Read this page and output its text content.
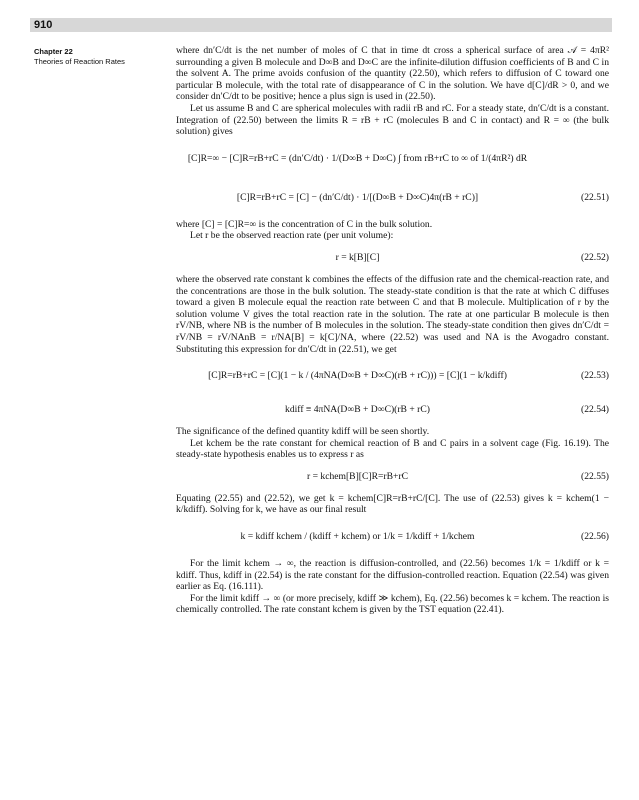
910
Chapter 22
Theories of Reaction Rates

where dn′C/dt is the net number of moles of C that in time dt cross a spherical surface of area 𝒜 = 4πR² surrounding a given B molecule and D∞B and D∞C are the infinite-dilution diffusion coefficients of B and C in the solvent A. The prime avoids confusion of the quantity (22.50), which refers to diffusion of C toward one particular B molecule, with the total rate of disappearance of C in the solution. We have d[C]/dR > 0, and we consider dn′C/dt to be positive; hence a plus sign is used in (22.50).

Let us assume B and C are spherical molecules with radii rB and rC. For a steady state, dn′C/dt is a constant. Integration of (22.50) between the limits R = rB + rC (molecules B and C in contact) and R = ∞ (the bulk solution) gives

[C]R=∞ − [C]R=rB+rC = (dn′C/dt) · 1/(D∞B + D∞C) ∫ from rB+rC to ∞ of 1/(4πR²) dR
[C]R=rB+rC = [C] − (dn′C/dt) · 1/[(D∞B + D∞C)4π(rB + rC)]	(22.51)

where [C] = [C]R=∞ is the concentration of C in the bulk solution.

Let r be the observed reaction rate (per unit volume):

r = k[B][C]	(22.52)

where the observed rate constant k combines the effects of the diffusion rate and the chemical-reaction rate, and the concentrations are those in the bulk solution. The steady-state condition is that the rate at which C diffuses toward a given B molecule equal the reaction rate between C and that B molecule. Multiplication of r by the solution volume V gives the total reaction rate in the solution. The rate at one particular B molecule is then rV/NB, where NB is the number of B molecules in the solution. The steady-state condition then gives dn′C/dt = rV/NB = rV/NAnB = r/NA[B] = k[C]/NA, where (22.52) was used and NA is the Avogadro constant. Substituting this expression for dn′C/dt in (22.51), we get

[C]R=rB+rC = [C](1 − k / (4πNA(D∞B + D∞C)(rB + rC))) = [C](1 − k/kdiff)	(22.53)
kdiff ≡ 4πNA(D∞B + D∞C)(rB + rC)	(22.54)

The significance of the defined quantity kdiff will be seen shortly.

Let kchem be the rate constant for chemical reaction of B and C pairs in a solvent cage (Fig. 16.19). The steady-state hypothesis enables us to express r as

r = kchem[B][C]R=rB+rC	(22.55)

Equating (22.55) and (22.52), we get k = kchem[C]R=rB+rC/[C]. The use of (22.53) gives k = kchem(1 − k/kdiff). Solving for k, we have as our final result

k = kdiff kchem / (kdiff + kchem) or 1/k = 1/kdiff + 1/kchem	(22.56)

For the limit kchem → ∞, the reaction is diffusion-controlled, and (22.56) becomes 1/k = 1/kdiff or k = kdiff. Thus, kdiff in (22.54) is the rate constant for the diffusion-controlled reaction. Equation (22.54) was given earlier as Eq. (16.111).

For the limit kdiff → ∞ (or more precisely, kdiff ≫ kchem), Eq. (22.56) becomes k = kchem. The reaction is chemically controlled. The rate constant kchem is given by the TST equation (22.41).
